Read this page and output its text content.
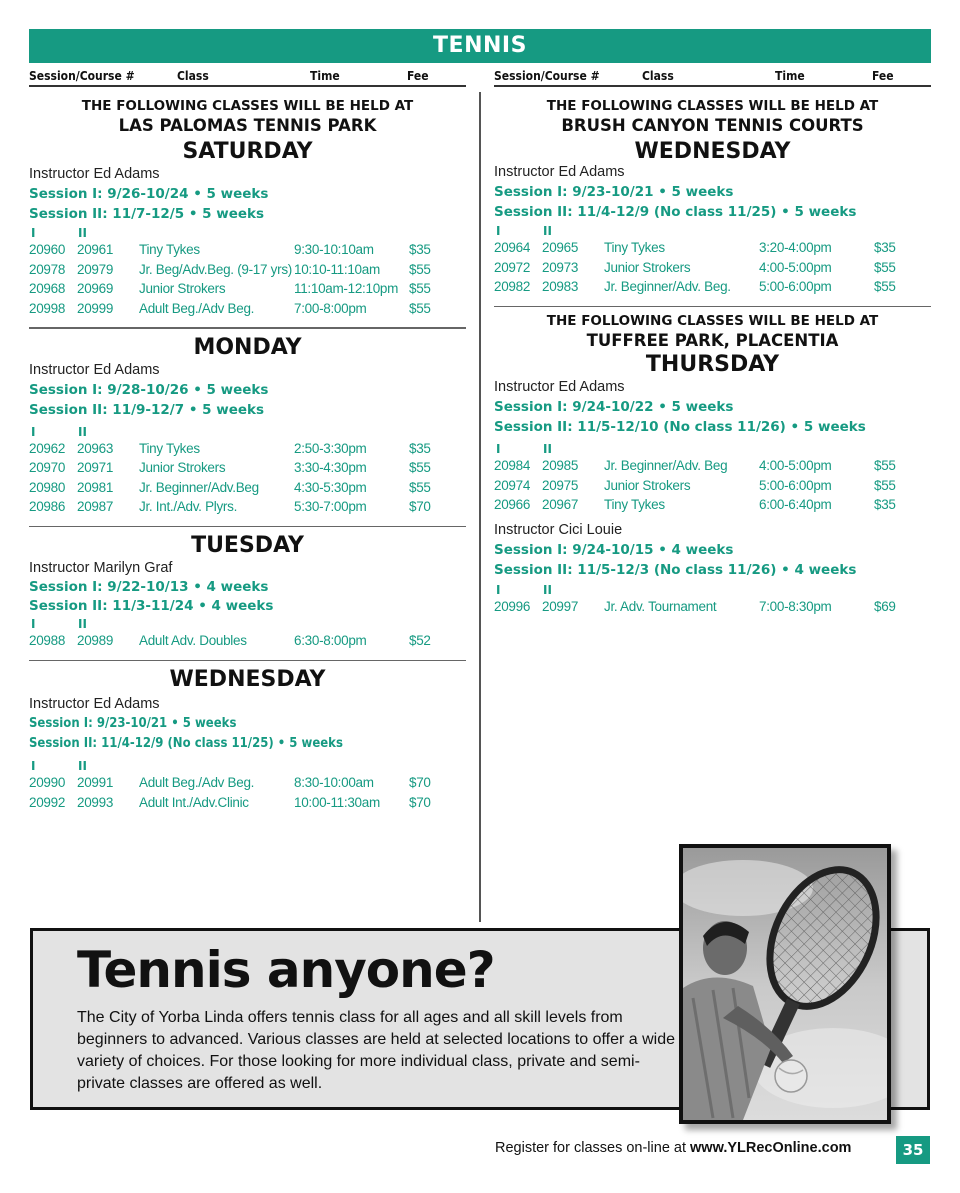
TENNIS
Session/Course #	Class	Time	Fee	Session/Course #	Class	Time	Fee
THE FOLLOWING CLASSES WILL BE HELD AT
LAS PALOMAS TENNIS PARK
SATURDAY
Instructor Ed Adams
Session I: 9/26-10/24 • 5 weeks
Session II: 11/7-12/5 • 5 weeks
I	II
20960 20961 Tiny Tykes	9:30-10:10am	$35
20978 20979 Jr. Beg/Adv.Beg. (9-17 yrs) 10:10-11:10am $55
20968 20969 Junior Strokers	11:10am-12:10pm $55
20998 20999 Adult Beg./Adv Beg.	7:00-8:00pm	$55
MONDAY
Instructor Ed Adams
Session I: 9/28-10/26 • 5 weeks
Session II: 11/9-12/7 • 5 weeks
I	II
20962 20963 Tiny Tykes	2:50-3:30pm	$35
20970 20971 Junior Strokers	3:30-4:30pm	$55
20980 20981 Jr. Beginner/Adv.Beg	4:30-5:30pm	$55
20986 20987 Jr. Int./Adv. Plyrs.	5:30-7:00pm	$70
TUESDAY
Instructor Marilyn Graf
Session I: 9/22-10/13 • 4 weeks
Session II: 11/3-11/24 • 4 weeks
I	II
20988 20989 Adult Adv. Doubles	6:30-8:00pm	$52
WEDNESDAY
Instructor Ed Adams
Session I: 9/23-10/21 • 5 weeks
Session II: 11/4-12/9 (No class 11/25) • 5 weeks
I	II
20990 20991 Adult Beg./Adv Beg.	8:30-10:00am	$70
20992 20993 Adult Int./Adv.Clinic	10:00-11:30am $70
THE FOLLOWING CLASSES WILL BE HELD AT
BRUSH CANYON TENNIS COURTS
WEDNESDAY
Instructor Ed Adams
Session I: 9/23-10/21 • 5 weeks
Session II: 11/4-12/9 (No class 11/25) • 5 weeks
I	II
20964 20965 Tiny Tykes	3:20-4:00pm	$35
20972 20973 Junior Strokers	4:00-5:00pm	$55
20982 20983 Jr. Beginner/Adv. Beg. 5:00-6:00pm	$55
THE FOLLOWING CLASSES WILL BE HELD AT
TUFFREE PARK, PLACENTIA
THURSDAY
Instructor Ed Adams
Session I: 9/24-10/22 • 5 weeks
Session II: 11/5-12/10 (No class 11/26) • 5 weeks
I	II
20984 20985 Jr. Beginner/Adv. Beg 4:00-5:00pm	$55
20974 20975 Junior Strokers	5:00-6:00pm	$55
20966 20967 Tiny Tykes	6:00-6:40pm	$35
Instructor Cici Louie
Session I: 9/24-10/15 • 4 weeks
Session II: 11/5-12/3 (No class 11/26) • 4 weeks
I	II
20996 20997 Jr. Adv. Tournament	7:00-8:30pm	$69
Tennis anyone?
The City of Yorba Linda offers tennis class for all ages and all skill levels from beginners to advanced. Various classes are held at selected locations to offer a wide variety of choices. For those looking for more individual class, private and semi-private classes are offered as well.
Register for classes on-line at www.YLRecOnline.com	35
